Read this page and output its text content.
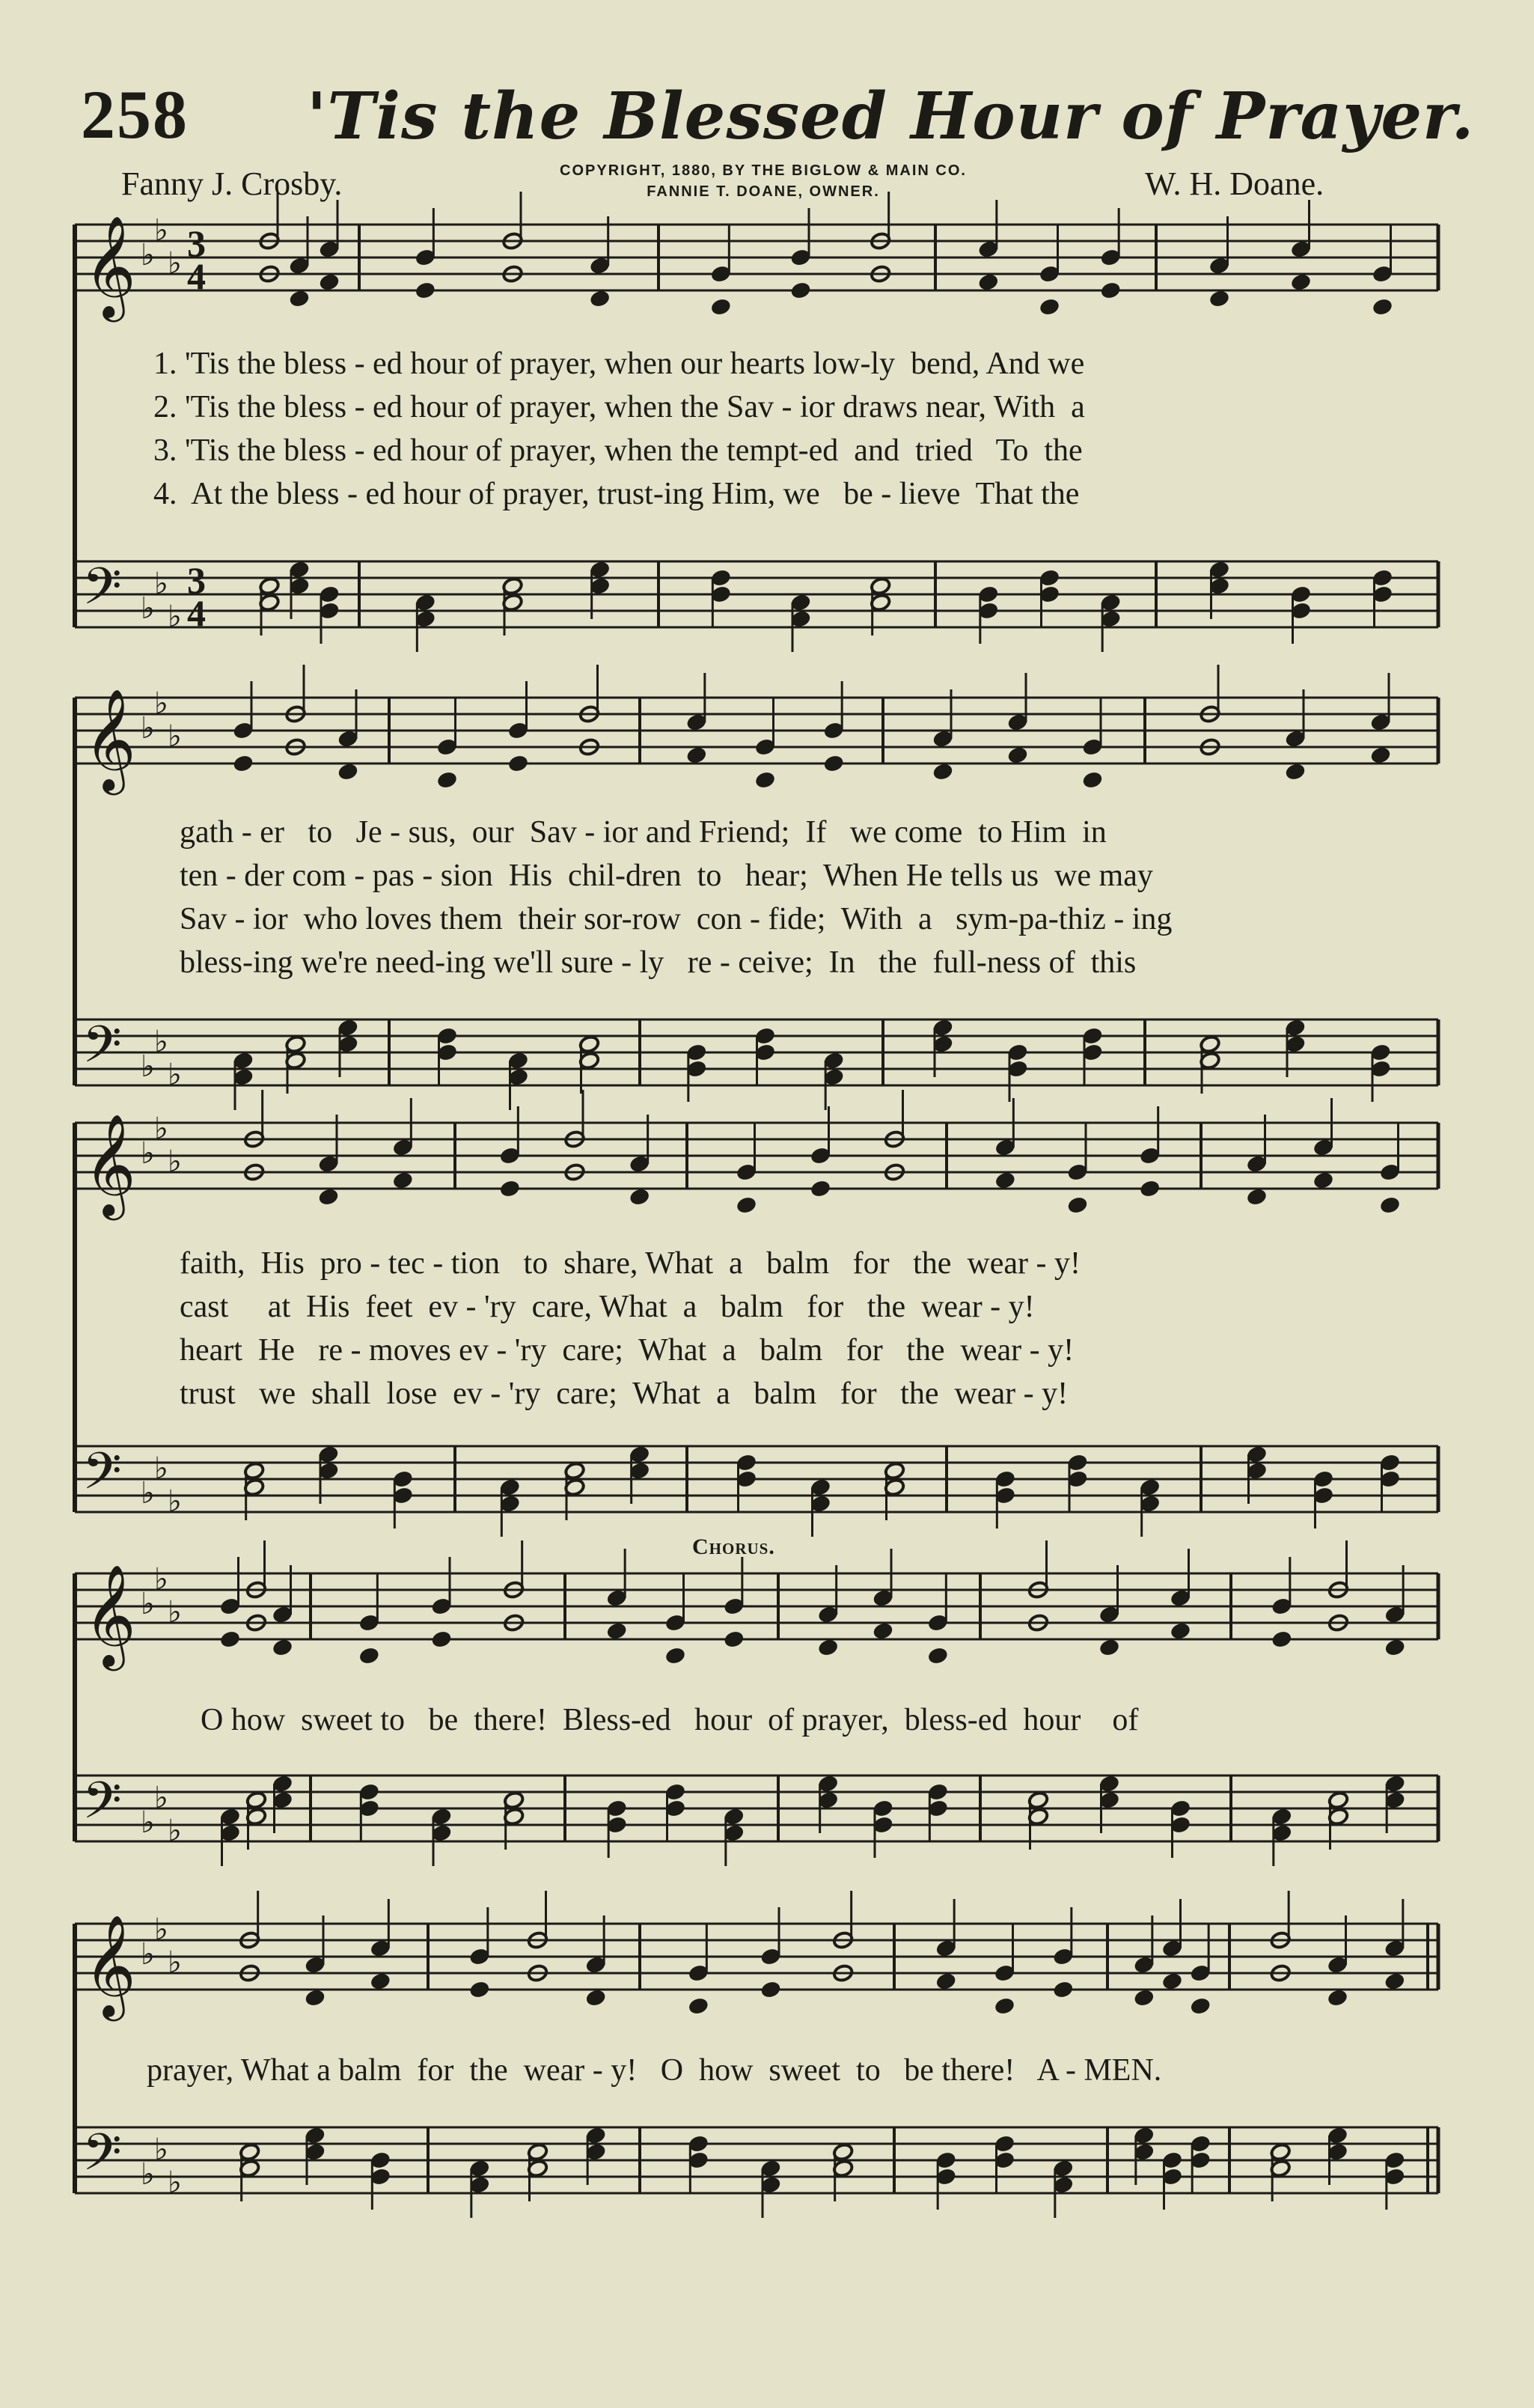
258 'Tis the Blessed Hour of Prayer.
Fanny J. Crosby.	COPYRIGHT, 1880, BY THE BIGLOW & MAIN CO.
FANNIE T. DOANE, OWNER.	W. H. Doane.
𝄞
𝄢
♭
♭
♭
♭
♭
♭
3
3
4
4
𝄞
𝄢
♭
♭
♭
♭
♭
♭
𝄞
𝄢
♭
♭
♭
♭
♭
♭
𝄞
𝄢
♭
♭
♭
♭
♭
♭
𝄞
𝄢
♭
♭
♭
♭
♭
♭
1. 'Tis the bless - ed hour of prayer, when our hearts low-ly  bend, And we
2. 'Tis the bless - ed hour of prayer, when the Sav - ior draws near, With  a
3. 'Tis the bless - ed hour of prayer, when the tempt-ed  and  tried   To  the
4.  At the bless - ed hour of prayer, trust-ing Him, we   be - lieve  That the
gath - er   to   Je - sus,  our  Sav - ior and Friend;  If   we come  to Him  in
ten - der com - pas - sion  His  chil-dren  to   hear;  When He tells us  we may
Sav - ior  who loves them  their sor-row  con - fide;  With  a   sym-pa-thiz - ing
bless-ing we're need-ing we'll sure - ly   re - ceive;  In   the  full-ness of  this
faith,  His  pro - tec - tion   to  share, What  a   balm   for   the  wear - y!
cast     at  His  feet  ev - 'ry  care, What  a   balm   for   the  wear - y!
heart  He   re - moves ev - 'ry  care;  What  a   balm   for   the  wear - y!
trust   we  shall  lose  ev - 'ry  care;  What  a   balm   for   the  wear - y!
Chorus.
O how  sweet to   be  there!  Bless-ed   hour  of prayer,  bless-ed  hour    of
prayer, What a balm  for  the  wear - y!   O  how  sweet  to   be there!   A - MEN.
